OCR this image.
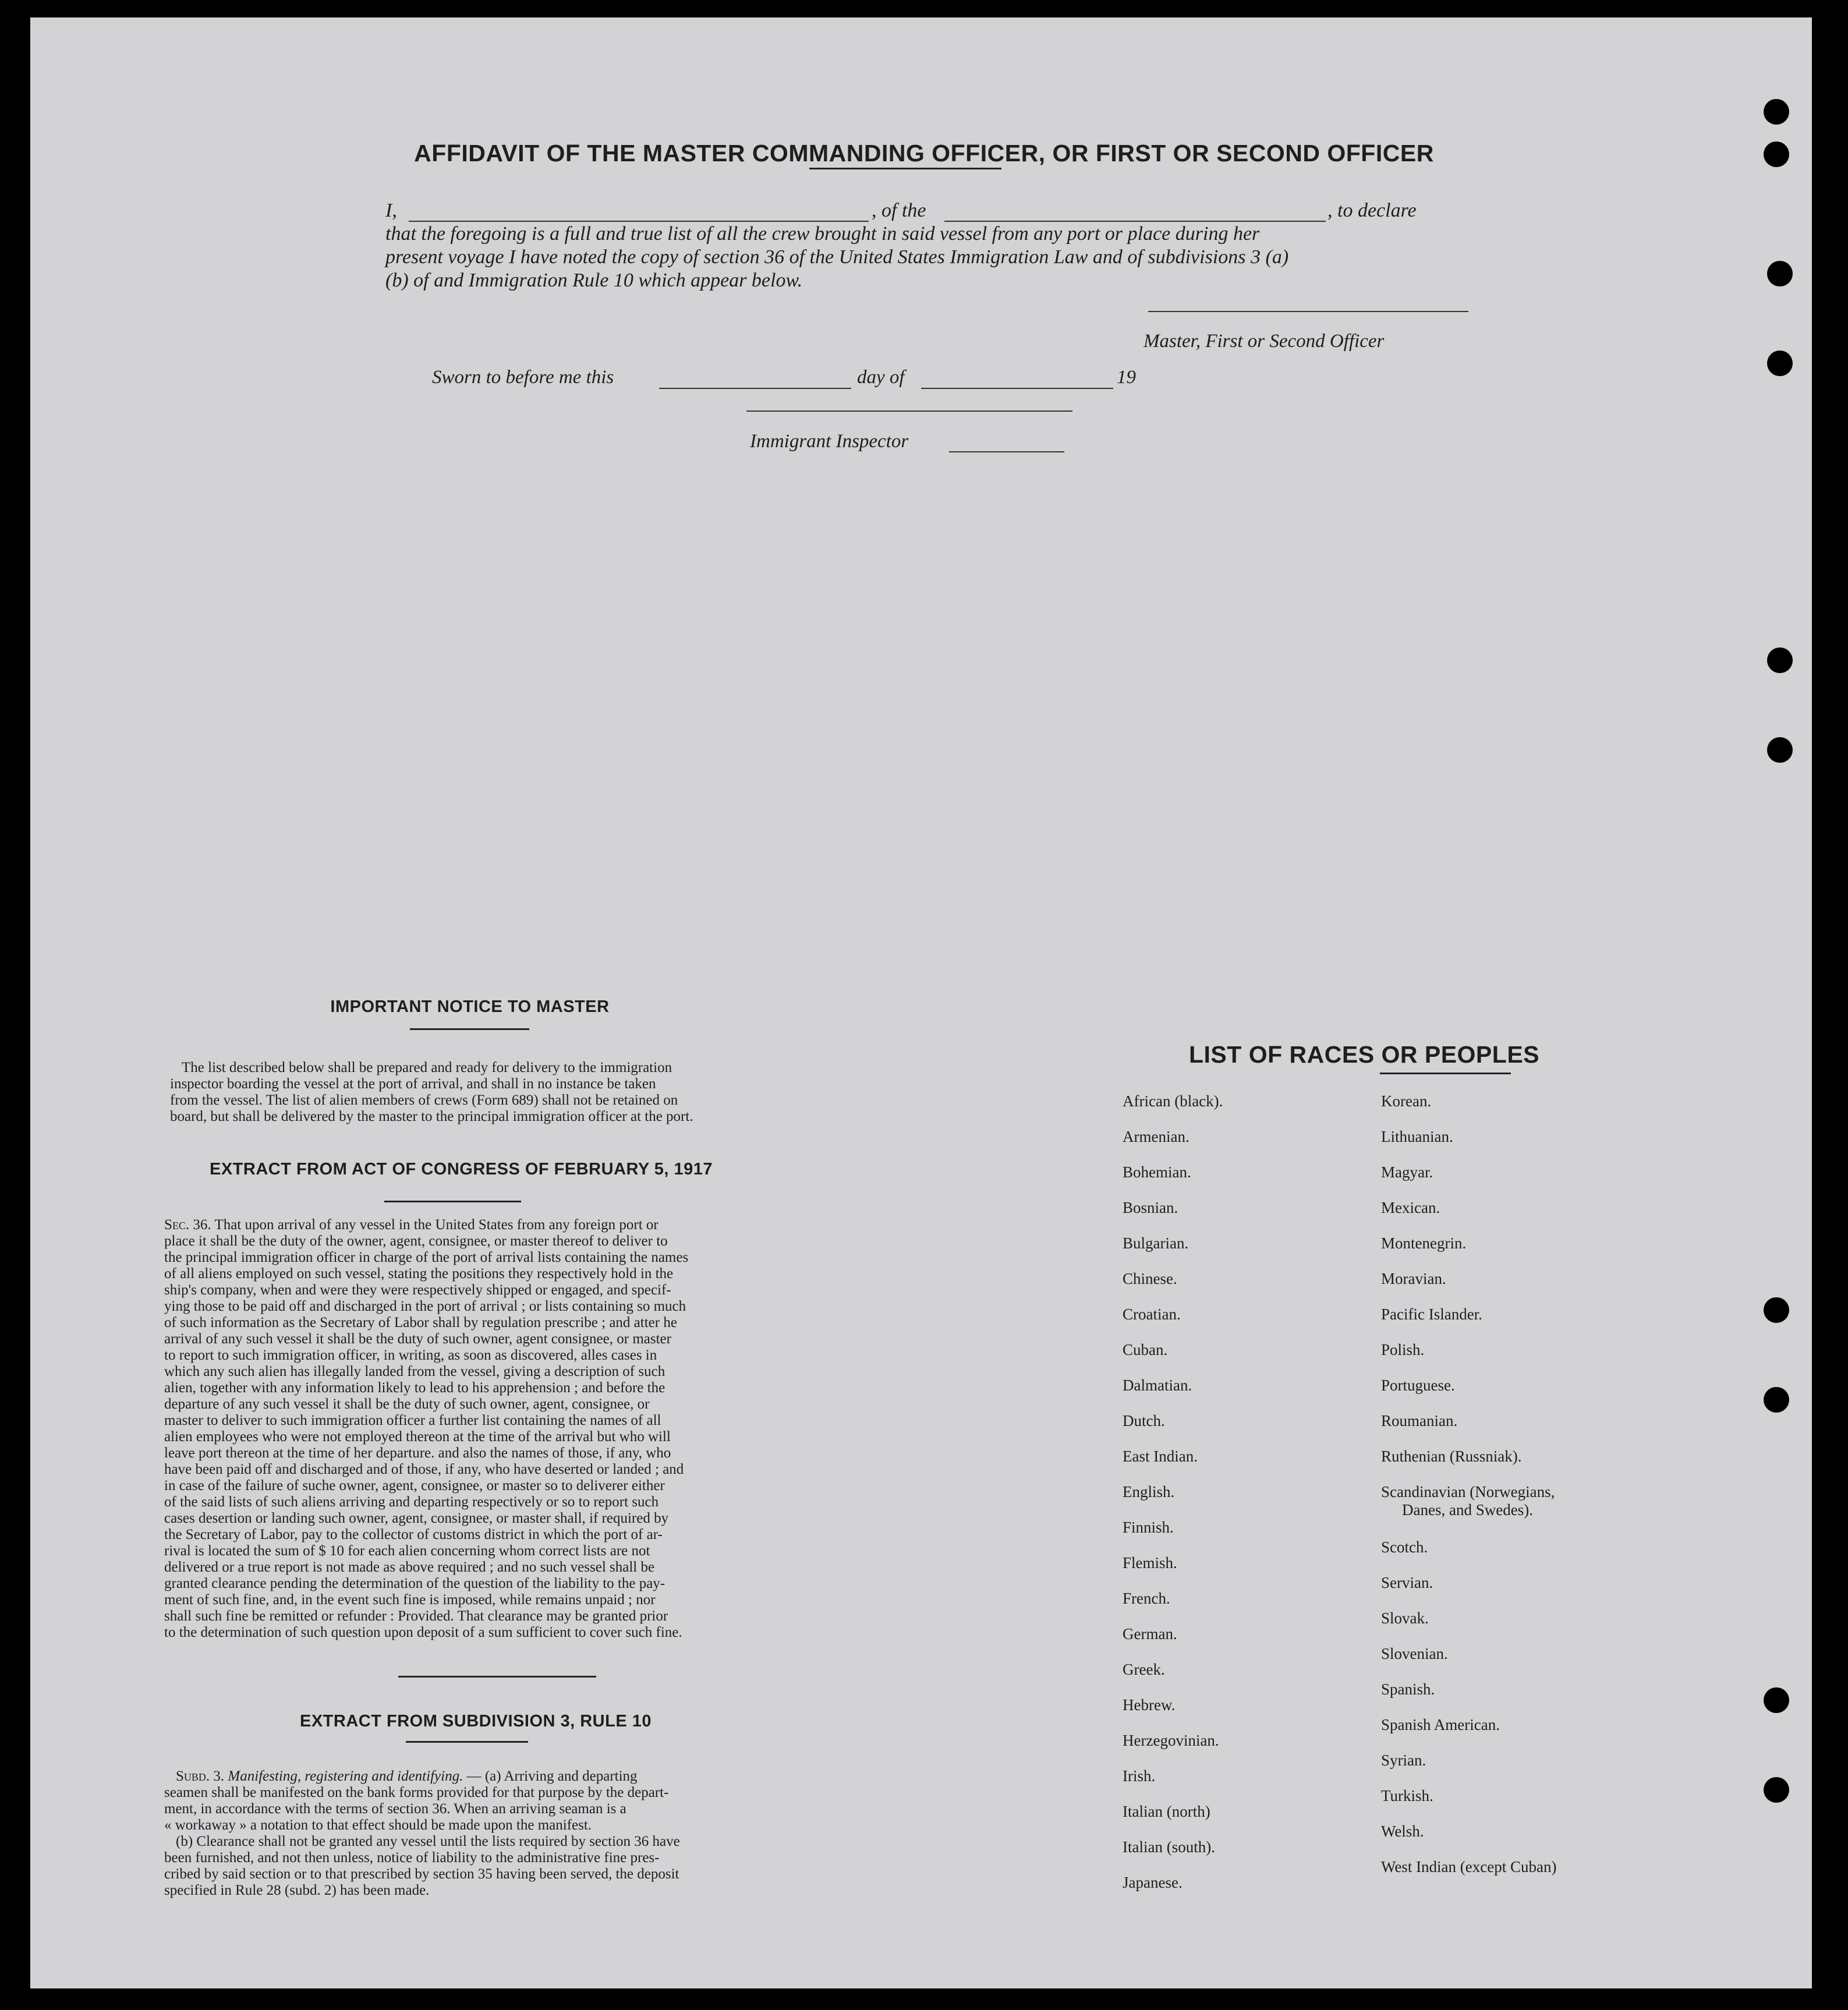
AFFIDAVIT OF THE MASTER COMMANDING OFFICER, OR FIRST OR SECOND OFFICER
I,	, of the	, to declare
that the foregoing is a full and true list of all the crew brought in said vessel from any port or place during her
present voyage I have noted the copy of section 36 of the United States Immigration Law and of subdivisions 3 (a)
(b) of and Immigration Rule 10 which appear below.
Master, First or Second Officer
Sworn to before me this	day of	19
Immigrant Inspector
IMPORTANT NOTICE TO MASTER

The list described below shall be prepared and ready for delivery to the immigration

inspector boarding the vessel at the port of arrival, and shall in no instance be taken

from the vessel. The list of alien members of crews (Form 689) shall not be retained on

board, but shall be delivered by the master to the principal immigration officer at the port.

EXTRACT FROM ACT OF CONGRESS OF FEBRUARY 5, 1917

Sec. 36. That upon arrival of any vessel in the United States from any foreign port or

place it shall be the duty of the owner, agent, consignee, or master thereof to deliver to

the principal immigration officer in charge of the port of arrival lists containing the names

of all aliens employed on such vessel, stating the positions they respectively hold in the

ship's company, when and were they were respectively shipped or engaged, and specif-

ying those to be paid off and discharged in the port of arrival ; or lists containing so much

of such information as the Secretary of Labor shall by regulation prescribe ; and atter he

arrival of any such vessel it shall be the duty of such owner, agent consignee, or master

to report to such immigration officer, in writing, as soon as discovered, alles cases in

which any such alien has illegally landed from the vessel, giving a description of such

alien, together with any information likely to lead to his apprehension ; and before the

departure of any such vessel it shall be the duty of such owner, agent, consignee, or

master to deliver to such immigration officer a further list containing the names of all

alien employees who were not employed thereon at the time of the arrival but who will

leave port thereon at the time of her departure. and also the names of those, if any, who

have been paid off and discharged and of those, if any, who have deserted or landed ; and

in case of the failure of suche owner, agent, consignee, or master so to deliverer either

of the said lists of such aliens arriving and departing respectively or so to report such

cases desertion or landing such owner, agent, consignee, or master shall, if required by

the Secretary of Labor, pay to the collector of customs district in which the port of ar-

rival is located the sum of $ 10 for each alien concerning whom correct lists are not

delivered or a true report is not made as above required ; and no such vessel shall be

granted clearance pending the determination of the question of the liability to the pay-

ment of such fine, and, in the event such fine is imposed, while remains unpaid ; nor

shall such fine be remitted or refunder : Provided. That clearance may be granted prior

to the determination of such question upon deposit of a sum sufficient to cover such fine.

EXTRACT FROM SUBDIVISION 3, RULE 10

Subd. 3. Manifesting, registering and identifying. — (a) Arriving and departing

seamen shall be manifested on the bank forms provided for that purpose by the depart-

ment, in accordance with the terms of section 36. When an arriving seaman is a

« workaway » a notation to that effect should be made upon the manifest.

(b) Clearance shall not be granted any vessel until the lists required by section 36 have

been furnished, and not then unless, notice of liability to the administrative fine pres-

cribed by said section or to that prescribed by section 35 having been served, the deposit

specified in Rule 28 (subd. 2) has been made.

LIST OF RACES OR PEOPLES
African (black).
Armenian.
Bohemian.
Bosnian.
Bulgarian.
Chinese.
Croatian.
Cuban.
Dalmatian.
Dutch.
East Indian.
English.
Finnish.
Flemish.
French.
German.
Greek.
Hebrew.
Herzegovinian.
Irish.
Italian (north)
Italian (south).
Japanese.
Korean.
Lithuanian.
Magyar.
Mexican.
Montenegrin.
Moravian.
Pacific Islander.
Polish.
Portuguese.
Roumanian.
Ruthenian (Russniak).
Scandinavian (Norwegians,
Danes, and Swedes).
Scotch.
Servian.
Slovak.
Slovenian.
Spanish.
Spanish American.
Syrian.
Turkish.
Welsh.
West Indian (except Cuban)
